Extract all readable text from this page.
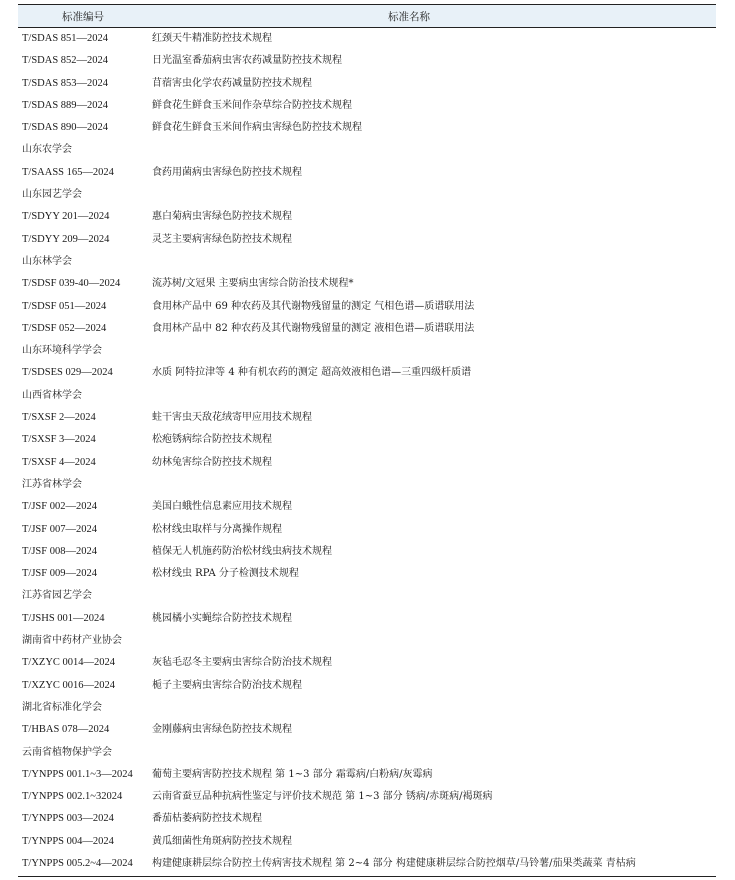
标准编号	标准名称
T/SDAS 851—2024	红颈天牛精准防控技术规程
T/SDAS 852—2024	日光温室番茄病虫害农药减量防控技术规程
T/SDAS 853—2024	苜蓿害虫化学农药减量防控技术规程
T/SDAS 889—2024	鲜食花生鲜食玉米间作杂草综合防控技术规程
T/SDAS 890—2024	鲜食花生鲜食玉米间作病虫害绿色防控技术规程
山东农学会
T/SAASS 165—2024	食药用菌病虫害绿色防控技术规程
山东园艺学会
T/SDYY 201—2024	惠白菊病虫害绿色防控技术规程
T/SDYY 209—2024	灵芝主要病害绿色防控技术规程
山东林学会
T/SDSF 039-40—2024	流苏树/文冠果 主要病虫害综合防治技术规程*
T/SDSF 051—2024	食用林产品中 69 种农药及其代谢物残留量的测定 气相色谱—质谱联用法
T/SDSF 052—2024	食用林产品中 82 种农药及其代谢物残留量的测定 液相色谱—质谱联用法
山东环境科学学会
T/SDSES 029—2024	水质 阿特拉津等 4 种有机农药的测定 超高效液相色谱—三重四级杆质谱
山西省林学会
T/SXSF 2—2024	蛀干害虫天敌花绒寄甲应用技术规程
T/SXSF 3—2024	松疱锈病综合防控技术规程
T/SXSF 4—2024	幼林兔害综合防控技术规程
江苏省林学会
T/JSF 002—2024	美国白蛾性信息素应用技术规程
T/JSF 007—2024	松材线虫取样与分离操作规程
T/JSF 008—2024	植保无人机施药防治松材线虫病技术规程
T/JSF 009—2024	松材线虫 RPA 分子检测技术规程
江苏省园艺学会
T/JSHS 001—2024	桃园橘小实蝇综合防控技术规程
湖南省中药材产业协会
T/XZYC 0014—2024	灰毡毛忍冬主要病虫害综合防治技术规程
T/XZYC 0016—2024	栀子主要病虫害综合防治技术规程
湖北省标准化学会
T/HBAS 078—2024	金刚藤病虫害绿色防控技术规程
云南省植物保护学会
T/YNPPS 001.1~3—2024 葡萄主要病害防控技术规程 第 1~3 部分 霜霉病/白粉病/灰霉病
T/YNPPS 002.1~32024	云南省蚕豆品种抗病性鉴定与评价技术规范 第 1~3 部分 锈病/赤斑病/褐斑病
T/YNPPS 003—2024	番茄枯萎病防控技术规程
T/YNPPS 004—2024	黄瓜细菌性角斑病防控技术规程
T/YNPPS 005.2~4—2024 构建健康耕层综合防控土传病害技术规程 第 2~4 部分 构建健康耕层综合防控烟草/马铃薯/茄果类蔬菜 青枯病
